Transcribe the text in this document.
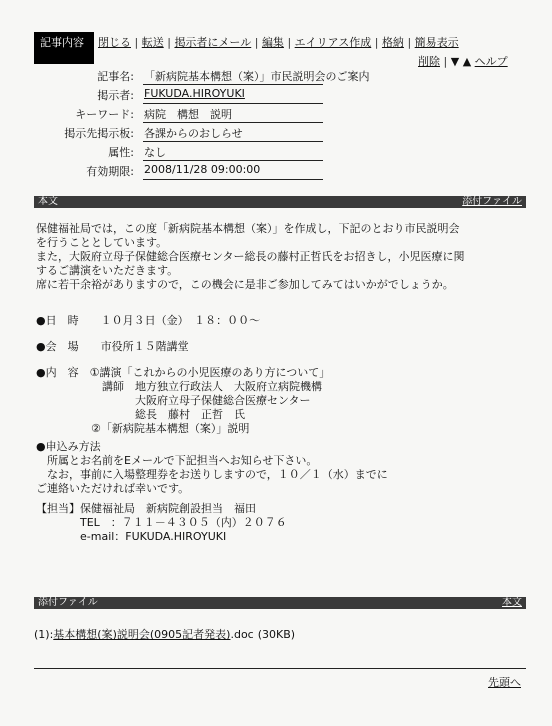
記事内容 閉じる | 転送 | 掲示者にメール | 編集 | エイリアス作成 | 格納 | 簡易表示
削除 | ▼ ▲ ヘルプ
記事名: 「新病院基本構想（案）」市民説明会のご案内
掲示者: FUKUDA.HIROYUKI
キーワード: 病院　構想　説明
掲示先掲示板: 各課からのおしらせ
属性: なし
有効期限: 2008/11/28 09:00:00
本文	添付ファイル
保健福祉局では，この度「新病院基本構想（案）」を作成し，下記のとおり市民説明会
を行うこととしています。
また，大阪府立母子保健総合医療センター総長の藤村正哲氏をお招きし，小児医療に関
するご講演をいただきます。
席に若干余裕がありますので，この機会に是非ご参加してみてはいかがでしょうか。
●日　時　　１０月３日（金）　１８：００～
●会　場　　市役所１５階講堂
●内　容　①講演「これからの小児医療のあり方について」
　　　　　　講師　地方独立行政法人　大阪府立病院機構
　　　　　　　　　大阪府立母子保健総合医療センター
　　　　　　　　　総長　藤村　正哲　氏
　　　　　②「新病院基本構想（案）」説明
●申込み方法
　所属とお名前をEメールで下記担当へお知らせ下さい。
　なお，事前に入場整理券をお送りしますので，１０／１（水）までに
ご連絡いただければ幸いです。
【担当】保健福祉局　新病院創設担当　福田
　　　　TEL　：７１１－４３０５（内）２０７６
　　　　e-mail：FUKUDA.HIROYUKI
添付ファイル	本文
(1):基本構想(案)説明会(0905記者発表).doc (30KB)
先頭へ
